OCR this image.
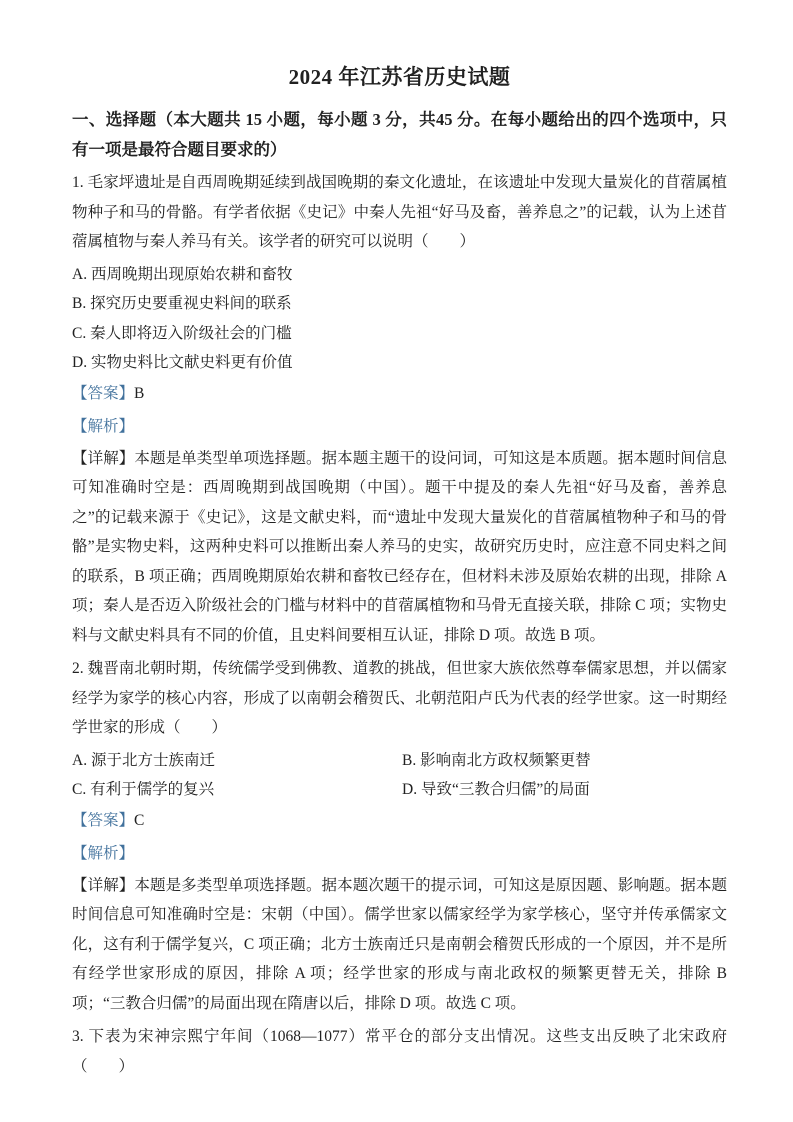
2024 年江苏省历史试题

一、选择题（本大题共 15 小题，每小题 3 分，共45 分。在每小题给出的四个选项中，只有一项是最符合题目要求的）

1. 毛家坪遗址是自西周晚期延续到战国晚期的秦文化遗址，在该遗址中发现大量炭化的苜蓿属植物种子和马的骨骼。有学者依据《史记》中秦人先祖“好马及畜，善养息之”的记载，认为上述苜蓿属植物与秦人养马有关。该学者的研究可以说明（　　）

A. 西周晚期出现原始农耕和畜牧

B. 探究历史要重视史料间的联系

C. 秦人即将迈入阶级社会的门槛

D. 实物史料比文献史料更有价值

【答案】B

【解析】

【详解】本题是单类型单项选择题。据本题主题干的设问词，可知这是本质题。据本题时间信息可知准确时空是：西周晚期到战国晚期（中国）。题干中提及的秦人先祖“好马及畜，善养息之”的记载来源于《史记》，这是文献史料，而“遗址中发现大量炭化的苜蓿属植物种子和马的骨骼”是实物史料，这两种史料可以推断出秦人养马的史实，故研究历史时，应注意不同史料之间的联系，B 项正确；西周晚期原始农耕和畜牧已经存在，但材料未涉及原始农耕的出现，排除 A 项；秦人是否迈入阶级社会的门槛与材料中的苜蓿属植物和马骨无直接关联，排除 C 项；实物史料与文献史料具有不同的价值，且史料间要相互认证，排除 D 项。故选 B 项。

2. 魏晋南北朝时期，传统儒学受到佛教、道教的挑战，但世家大族依然尊奉儒家思想，并以儒家经学为家学的核心内容，形成了以南朝会稽贺氏、北朝范阳卢氏为代表的经学世家。这一时期经学世家的形成（　　）

A. 源于北方士族南迁	B. 影响南北方政权频繁更替

C. 有利于儒学的复兴	D. 导致“三教合归儒”的局面

【答案】C

【解析】

【详解】本题是多类型单项选择题。据本题次题干的提示词，可知这是原因题、影响题。据本题时间信息可知准确时空是：宋朝（中国）。儒学世家以儒家经学为家学核心，坚守并传承儒家文化，这有利于儒学复兴，C 项正确；北方士族南迁只是南朝会稽贺氏形成的一个原因，并不是所有经学世家形成的原因，排除 A 项；经学世家的形成与南北政权的频繁更替无关，排除 B 项；“三教合归儒”的局面出现在隋唐以后，排除 D 项。故选 C 项。

3. 下表为宋神宗熙宁年间（1068—1077）常平仓的部分支出情况。这些支出反映了北宋政府（　　）
